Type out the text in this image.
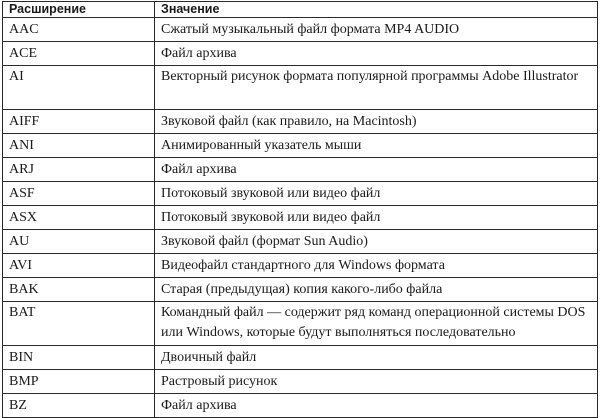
Расширение	Значение
AAC	Сжатый музыкальный файл формата MP4 AUDIO
ACE	Файл архива
AI	Векторный рисунок формата популярной программы Adobe Illustrator
AIFF	Звуковой файл (как правило, на Macintosh)
ANI	Анимированный указатель мыши
ARJ	Файл архива
ASF	Потоковый звуковой или видео файл
ASX	Потоковый звуковой или видео файл
AU	Звуковой файл (формат Sun Audio)
AVI	Видеофайл стандартного для Windows формата
BAK	Старая (предыдущая) копия какого-либо файла
BAT	Командный файл — содержит ряд команд операционной системы DOS или Windows, которые будут выполняться последовательно
BIN	Двоичный файл
BMP	Растровый рисунок
BZ	Файл архива
